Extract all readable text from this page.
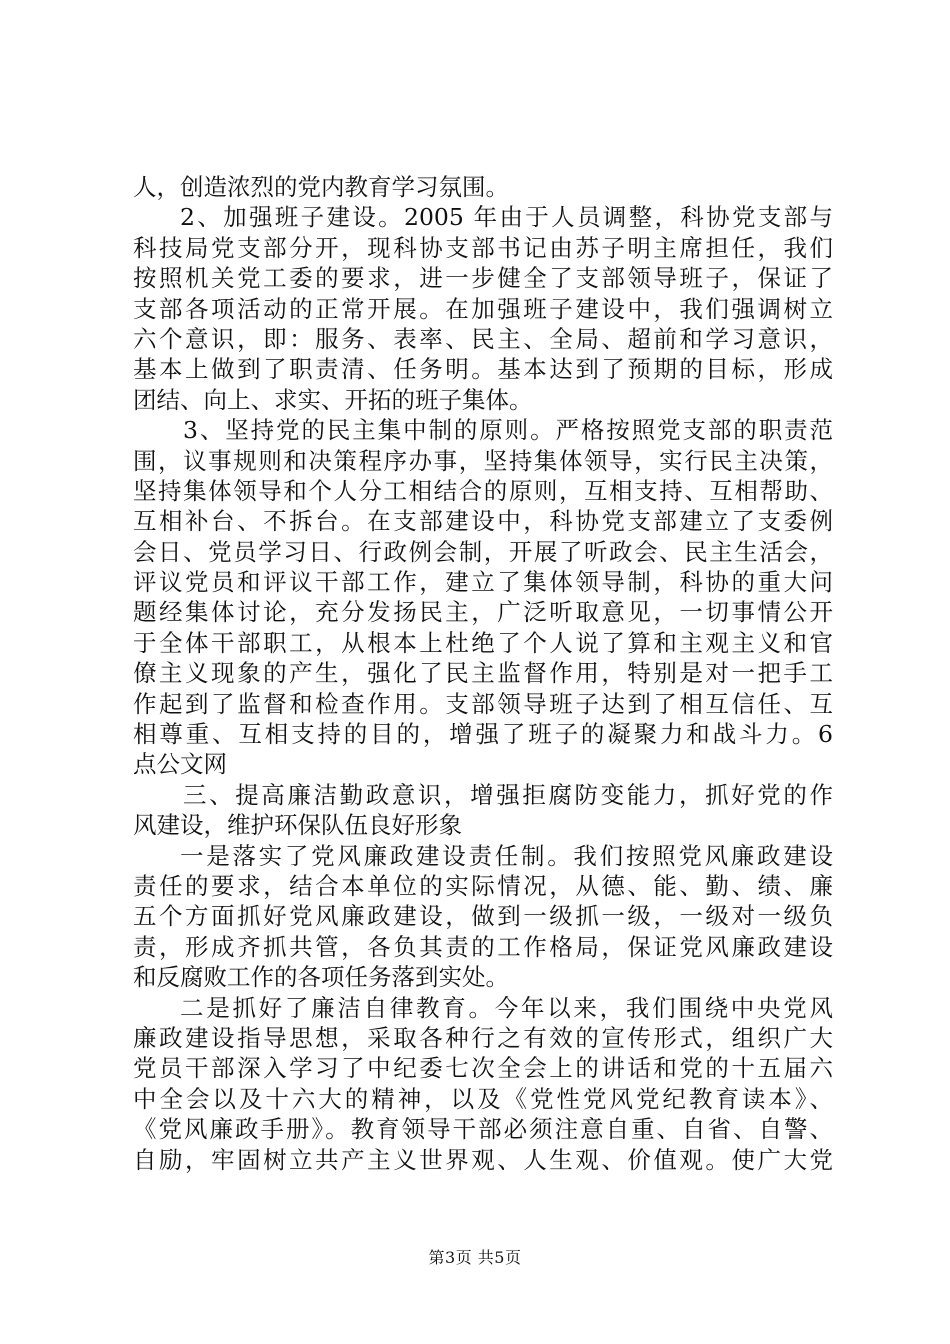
人，创造浓烈的党内教育学习氛围。
2、加强班子建设。2005 年由于人员调整，科协党支部与
科技局党支部分开，现科协支部书记由苏子明主席担任，我们
按照机关党工委的要求，进一步健全了支部领导班子，保证了
支部各项活动的正常开展。在加强班子建设中，我们强调树立
六个意识，即：服务、表率、民主、全局、超前和学习意识，
基本上做到了职责清、任务明。基本达到了预期的目标，形成
团结、向上、求实、开拓的班子集体。
3、坚持党的民主集中制的原则。严格按照党支部的职责范
围，议事规则和决策程序办事，坚持集体领导，实行民主决策，
坚持集体领导和个人分工相结合的原则，互相支持、互相帮助、
互相补台、不拆台。在支部建设中，科协党支部建立了支委例
会日、党员学习日、行政例会制，开展了听政会、民主生活会，
评议党员和评议干部工作，建立了集体领导制，科协的重大问
题经集体讨论，充分发扬民主，广泛听取意见，一切事情公开
于全体干部职工，从根本上杜绝了个人说了算和主观主义和官
僚主义现象的产生，强化了民主监督作用，特别是对一把手工
作起到了监督和检查作用。支部领导班子达到了相互信任、互
相尊重、互相支持的目的，增强了班子的凝聚力和战斗力。6
点公文网
三、提高廉洁勤政意识，增强拒腐防变能力，抓好党的作
风建设，维护环保队伍良好形象
一是落实了党风廉政建设责任制。我们按照党风廉政建设
责任的要求，结合本单位的实际情况，从德、能、勤、绩、廉
五个方面抓好党风廉政建设，做到一级抓一级，一级对一级负
责，形成齐抓共管，各负其责的工作格局，保证党风廉政建设
和反腐败工作的各项任务落到实处。
二是抓好了廉洁自律教育。今年以来，我们围绕中央党风
廉政建设指导思想，采取各种行之有效的宣传形式，组织广大
党员干部深入学习了中纪委七次全会上的讲话和党的十五届六
中全会以及十六大的精神，以及《党性党风党纪教育读本》、
《党风廉政手册》。教育领导干部必须注意自重、自省、自警、
自励，牢固树立共产主义世界观、人生观、价值观。使广大党
第3页 共5页
